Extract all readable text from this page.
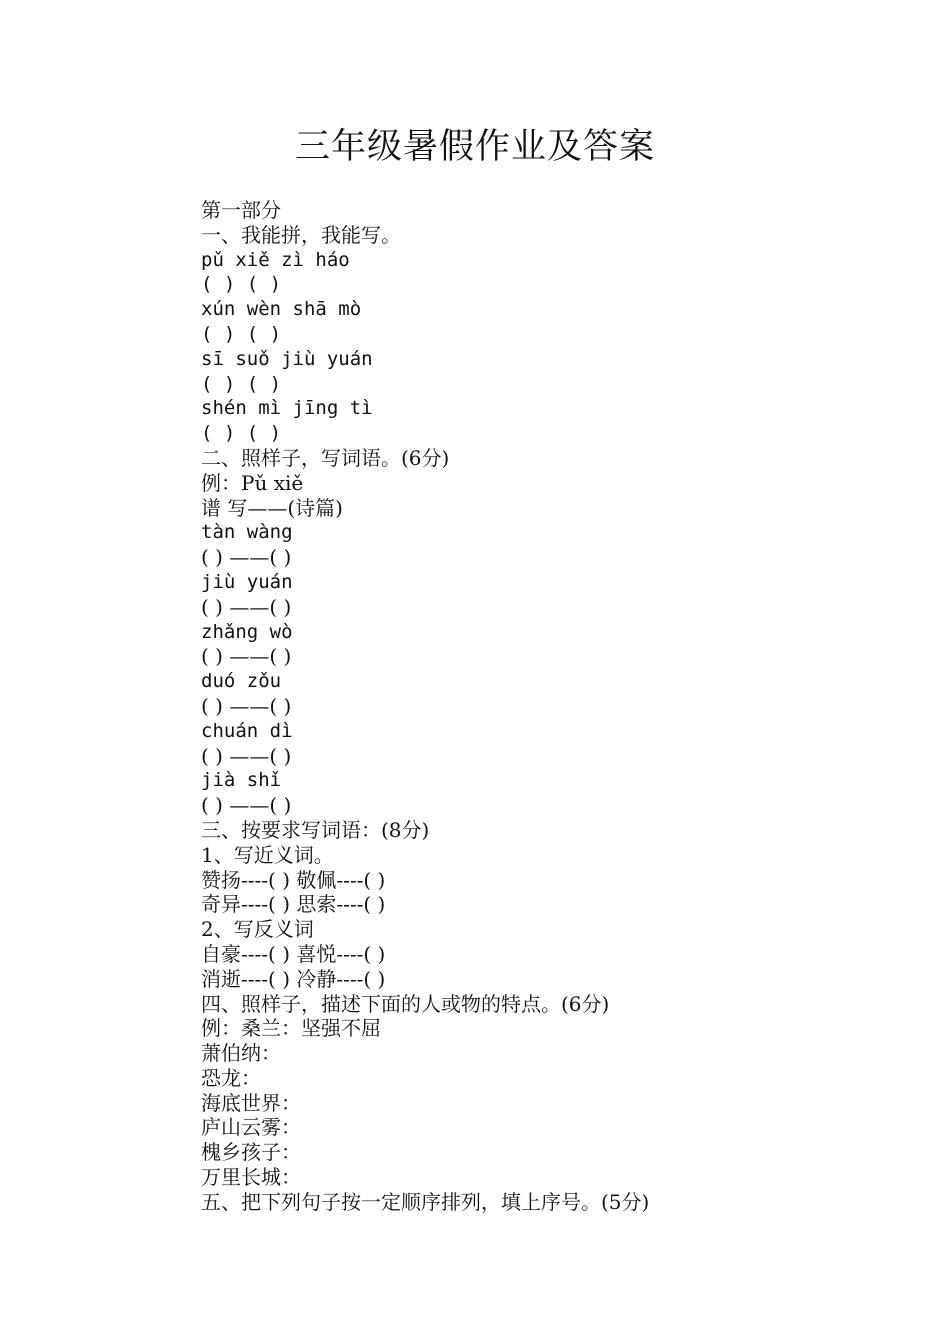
三年级暑假作业及答案
第一部分
一、我能拼，我能写。
pǔ xiě zì háo
( ) ( )
xún wèn shā mò
( ) ( )
sī suǒ jiù yuán
( ) ( )
shén mì jīng tì
( ) ( )
二、照样子，写词语。(6分)
例：Pǔ xiě
谱 写——(诗篇)
tàn wàng
( ) ——( )
jiù yuán
( ) ——( )
zhǎng wò
( ) ——( )
duó zǒu
( ) ——( )
chuán dì
( ) ——( )
jià shǐ
( ) ——( )
三、按要求写词语：(8分)
1、写近义词。
赞扬----( ) 敬佩----( )
奇异----( ) 思索----( )
2、写反义词
自豪----( ) 喜悦----( )
消逝----( ) 冷静----( )
四、照样子，描述下面的人或物的特点。(6分)
例：桑兰：坚强不屈
萧伯纳：
恐龙：
海底世界：
庐山云雾：
槐乡孩子：
万里长城：
五、把下列句子按一定顺序排列，填上序号。(5分)
